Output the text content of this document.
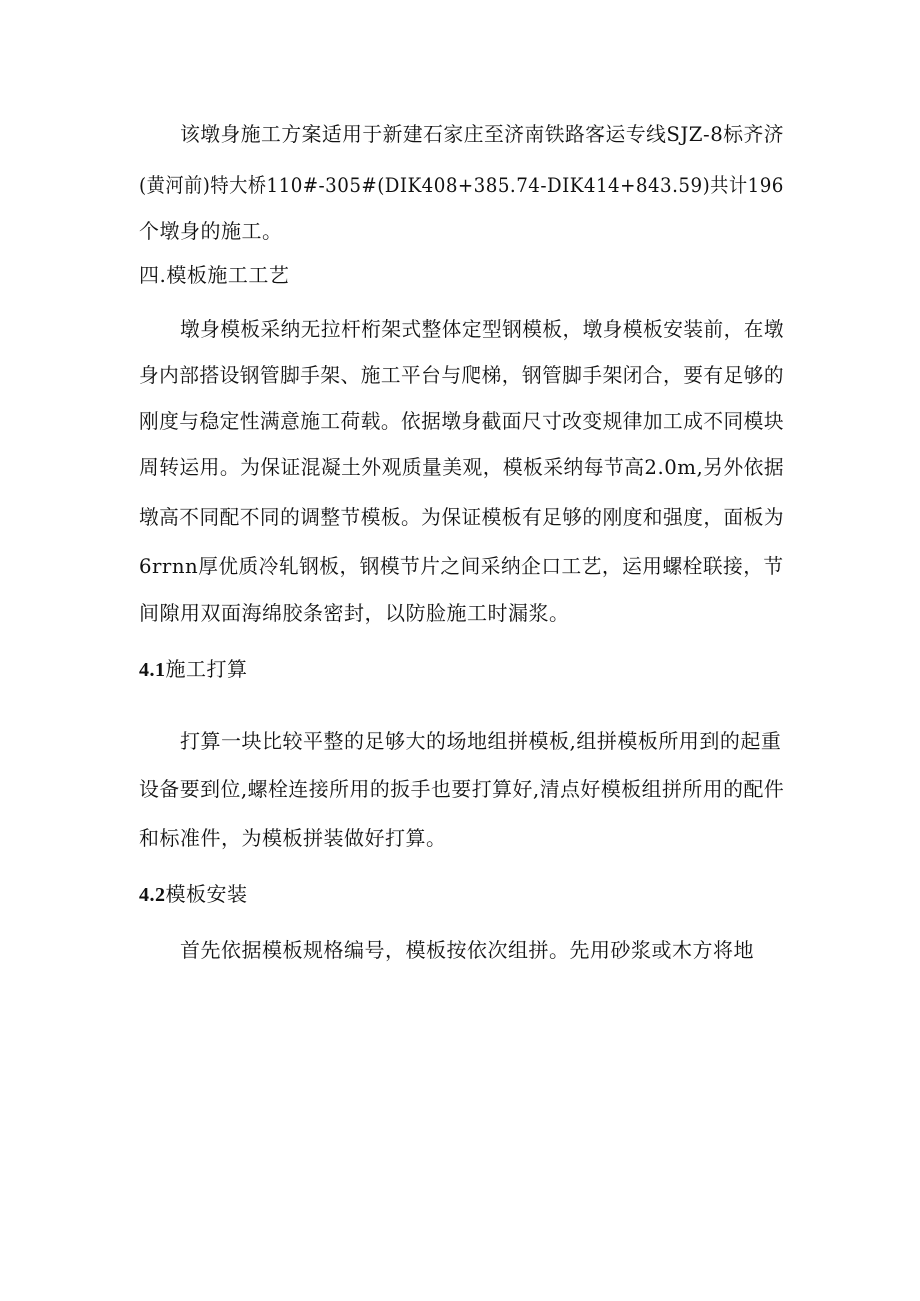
该墩身施工方案适用于新建石家庄至济南铁路客运专线SJZ-8标齐济
(黄河前)特大桥110#-305#(DIK408+385.74-DIK414+843.59)共计196
个墩身的施工。
四.模板施工工艺
墩身模板采纳无拉杆桁架式整体定型钢模板，墩身模板安装前，在墩
身内部搭设钢管脚手架、施工平台与爬梯，钢管脚手架闭合，要有足够的
刚度与稳定性满意施工荷载。依据墩身截面尺寸改变规律加工成不同模块
周转运用。为保证混凝土外观质量美观，模板采纳每节高2.0m,另外依据
墩高不同配不同的调整节模板。为保证模板有足够的刚度和强度，面板为
6rrnn厚优质冷轧钢板，钢模节片之间采纳企口工艺，运用螺栓联接，节
间隙用双面海绵胶条密封，以防脸施工时漏浆。
4.1施工打算
打算一块比较平整的足够大的场地组拼模板,组拼模板所用到的起重
设备要到位,螺栓连接所用的扳手也要打算好,清点好模板组拼所用的配件
和标准件，为模板拼装做好打算。
4.2模板安装
首先依据模板规格编号，模板按依次组拼。先用砂浆或木方将地
